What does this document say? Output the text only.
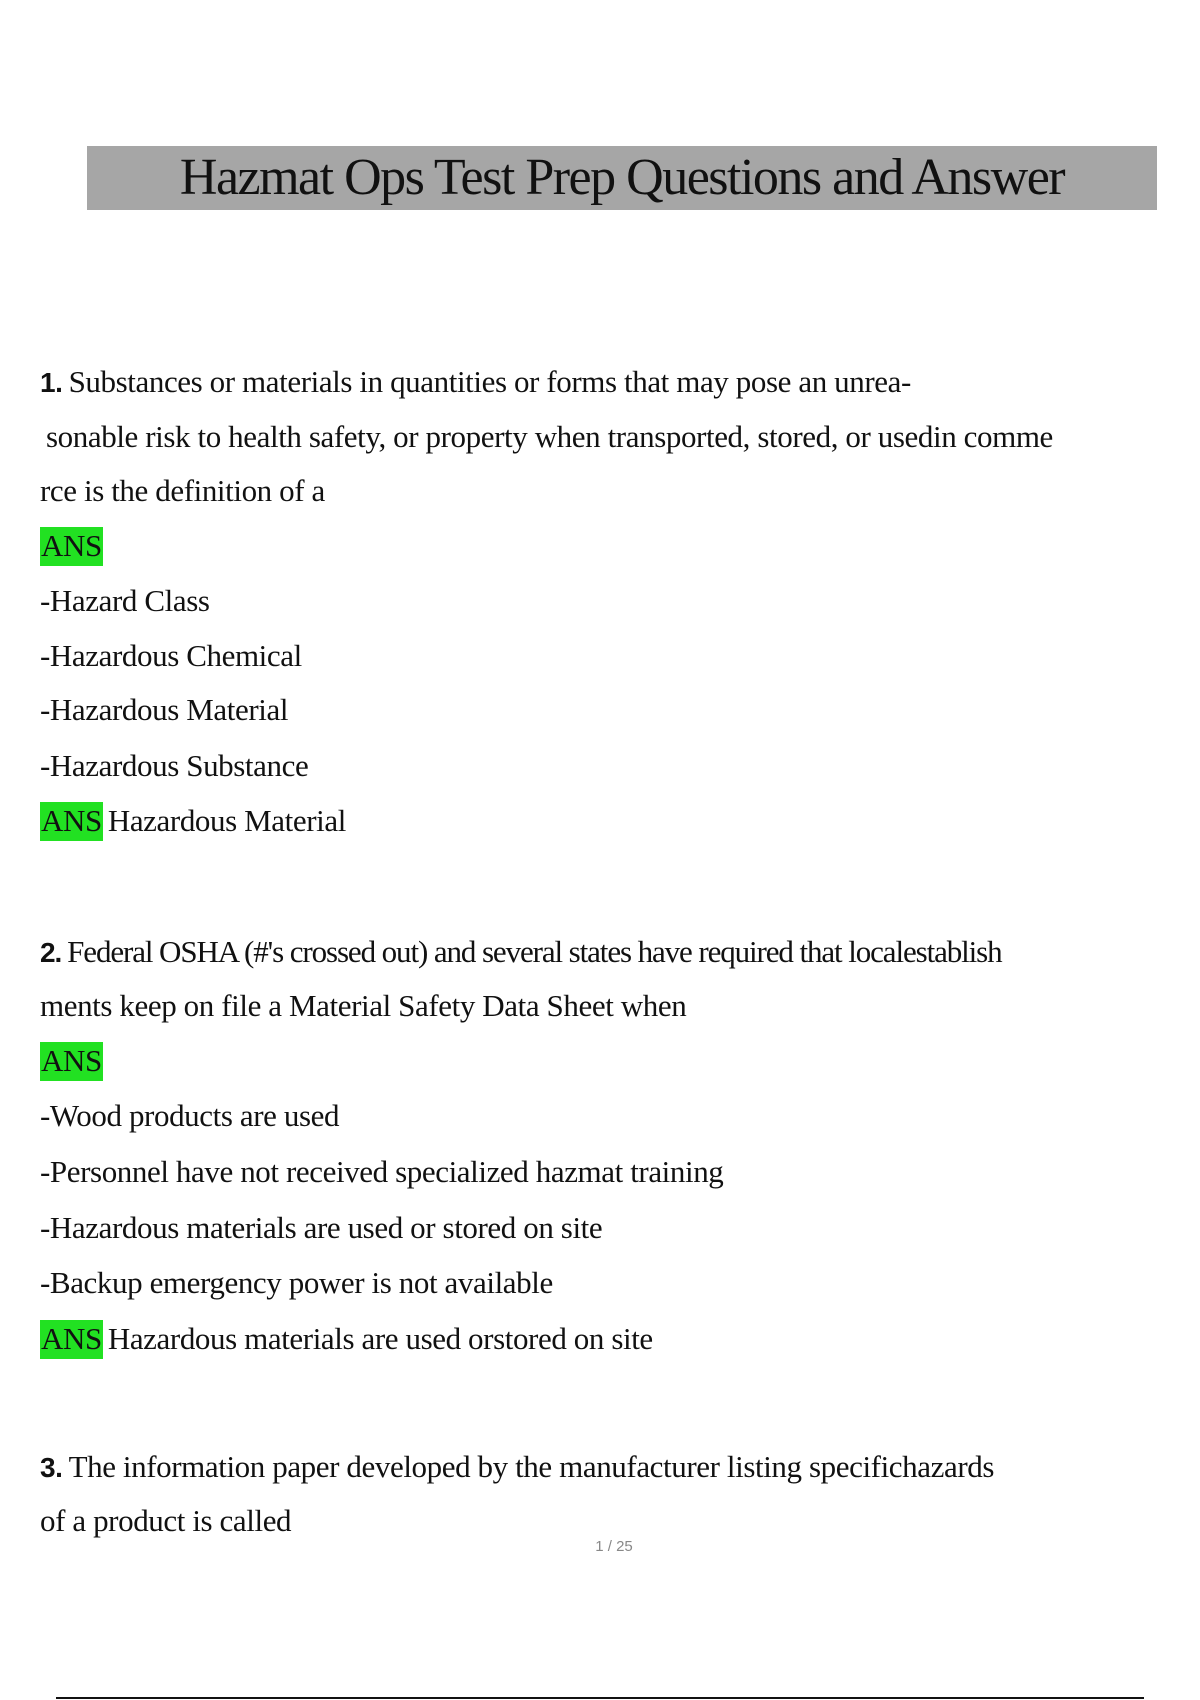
Hazmat Ops Test Prep Questions and Answer
1. Substances or materials in quantities or forms that may pose an unrea-
sonable risk to health safety, or property when transported, stored, or usedin comme
rce is the definition of a
ANS
-Hazard Class
-Hazardous Chemical
-Hazardous Material
-Hazardous Substance
ANS Hazardous Material
2. Federal OSHA (#'s crossed out) and several states have required that localestablish
ments keep on file a Material Safety Data Sheet when
ANS
-Wood products are used
-Personnel have not received specialized hazmat training
-Hazardous materials are used or stored on site
-Backup emergency power is not available
ANS Hazardous materials are used orstored on site
3. The information paper developed by the manufacturer listing specifichazards
of a product is called
1 / 25
